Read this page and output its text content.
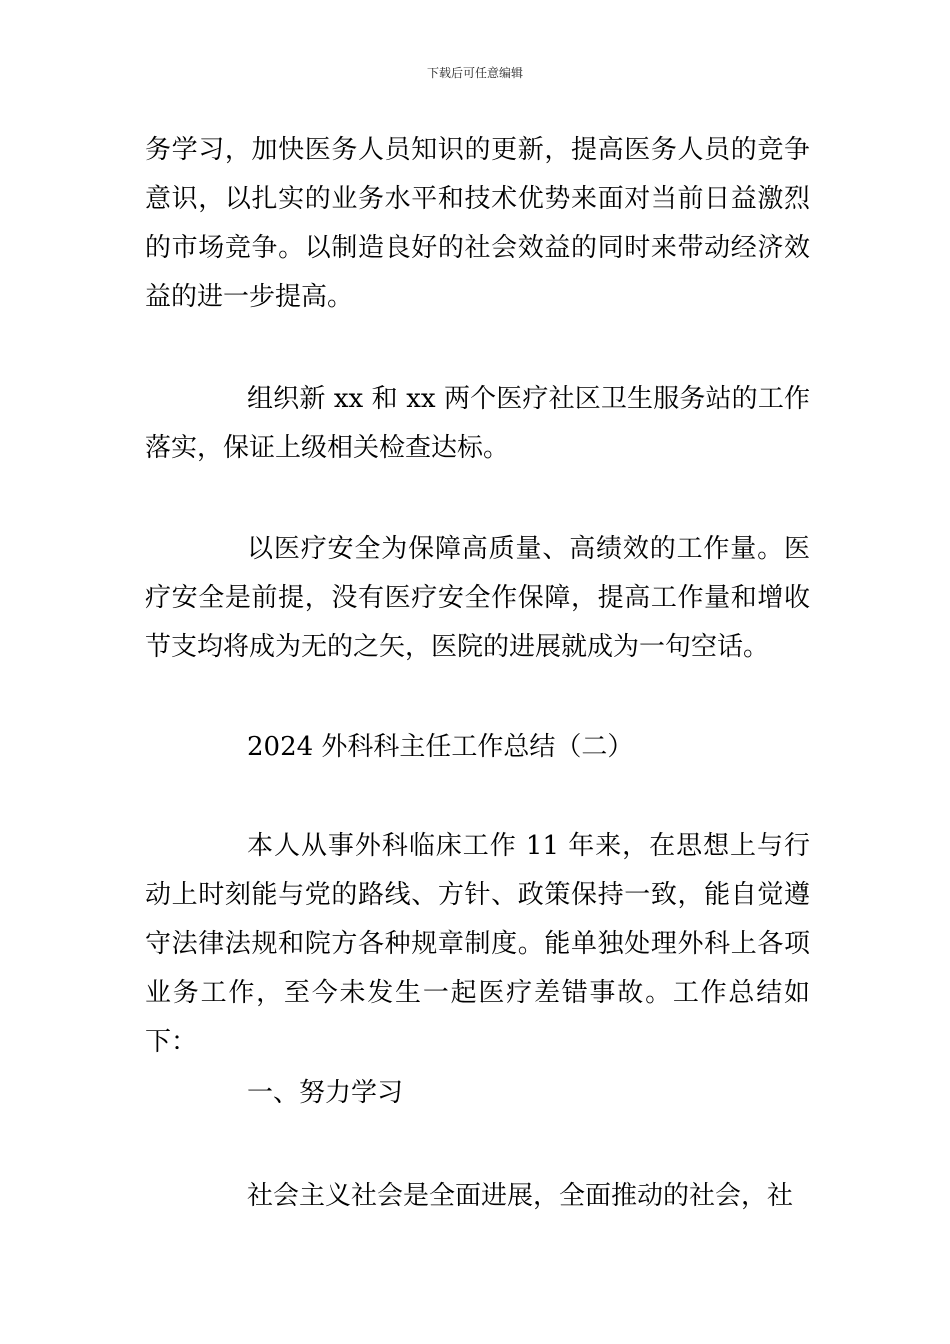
下载后可任意编辑

务学习，加快医务人员知识的更新，提高医务人员的竞争意识，以扎实的业务水平和技术优势来面对当前日益激烈的市场竞争。以制造良好的社会效益的同时来带动经济效益的进一步提高。

组织新 xx 和 xx 两个医疗社区卫生服务站的工作落实，保证上级相关检查达标。

以医疗安全为保障高质量、高绩效的工作量。医疗安全是前提，没有医疗安全作保障，提高工作量和增收节支均将成为无的之矢，医院的进展就成为一句空话。

2024 外科科主任工作总结（二）

本人从事外科临床工作 11 年来，在思想上与行动上时刻能与党的路线、方针、政策保持一致，能自觉遵守法律法规和院方各种规章制度。能单独处理外科上各项业务工作，至今未发生一起医疗差错事故。工作总结如下：

一、努力学习

社会主义社会是全面进展，全面推动的社会，社
